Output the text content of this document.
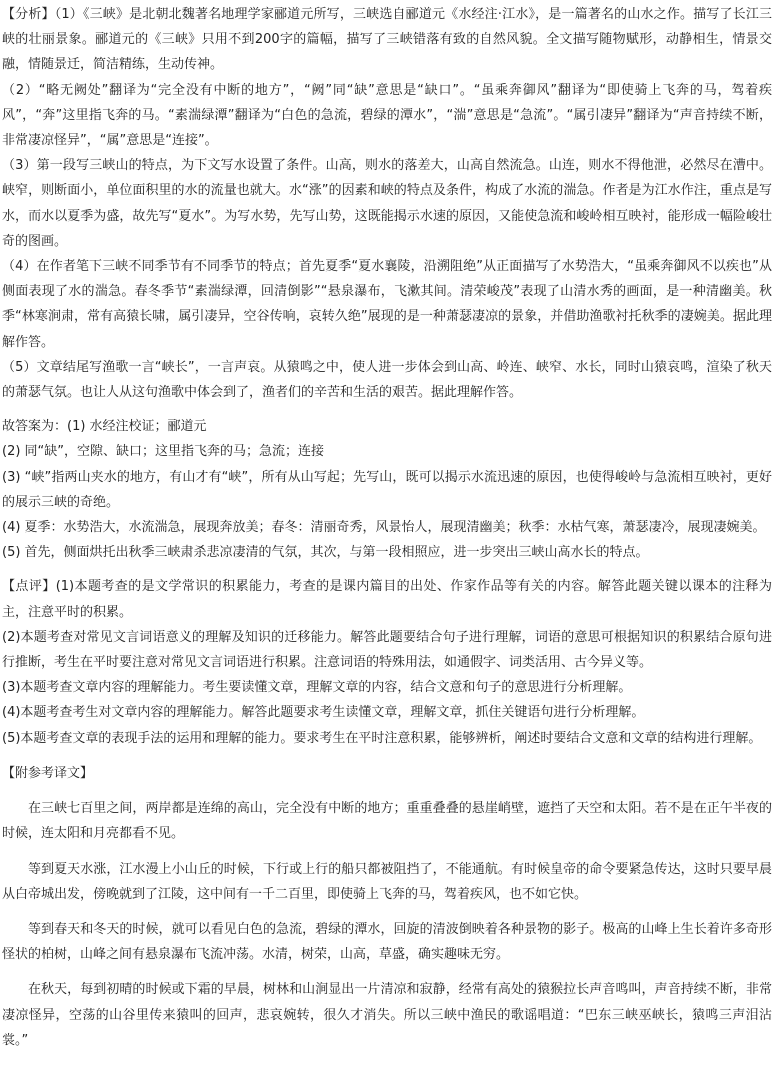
【分析】（1）《三峡》是北朝北魏著名地理学家郦道元所写，三峡选自郦道元《水经注·江水》，是一篇著名的山水之作。描写了长江三峡的壮丽景象。郦道元的《三峡》只用不到200字的篇幅，描写了三峡错落有致的自然风貌。全文描写随物赋形，动静相生，情景交融，情随景迁，简洁精练，生动传神。

（2）“略无阙处”翻译为“完全没有中断的地方”，“阙”同“缺”意思是“缺口”。“虽乘奔御风”翻译为“即使骑上飞奔的马，驾着疾风”，“奔”这里指飞奔的马。“素湍绿潭”翻译为“白色的急流，碧绿的潭水”，“湍”意思是“急流”。“属引凄异”翻译为“声音持续不断，非常凄凉怪异”，“属”意思是“连接”。

（3）第一段写三峡山的特点，为下文写水设置了条件。山高，则水的落差大，山高自然流急。山连，则水不得他泄，必然尽在漕中。峡窄，则断面小，单位面积里的水的流量也就大。水“涨”的因素和峡的特点及条件，构成了水流的湍急。作者是为江水作注，重点是写水，而水以夏季为盛，故先写“夏水”。为写水势，先写山势，这既能揭示水速的原因，又能使急流和峻岭相互映衬，能形成一幅险峻壮奇的图画。

（4）在作者笔下三峡不同季节有不同季节的特点；首先夏季“夏水襄陵，沿溯阻绝”从正面描写了水势浩大，“虽乘奔御风不以疾也”从侧面表现了水的湍急。春冬季节“素湍绿潭，回清倒影”“悬泉瀑布，飞漱其间。清荣峻茂”表现了山清水秀的画面，是一种清幽美。秋季“林寒涧肃，常有高猿长啸，属引凄异，空谷传响，哀转久绝”展现的是一种萧瑟凄凉的景象，并借助渔歌衬托秋季的凄婉美。据此理解作答。

（5）文章结尾写渔歌一言“峡长”，一言声哀。从猿鸣之中，使人进一步体会到山高、岭连、峡窄、水长，同时山猿哀鸣，渲染了秋天的萧瑟气氛。也让人从这句渔歌中体会到了，渔者们的辛苦和生活的艰苦。据此理解作答。

故答案为：(1) 水经注校证；郦道元

(2) 同“缺”，空隙、缺口；这里指飞奔的马；急流；连接

(3) “峡”指两山夹水的地方，有山才有“峡”，所有从山写起；先写山，既可以揭示水流迅速的原因，也使得峻岭与急流相互映衬，更好的展示三峡的奇绝。

(4) 夏季：水势浩大，水流湍急，展现奔放美；春冬：清丽奇秀，风景怡人，展现清幽美；秋季：水枯气寒，萧瑟凄冷，展现凄婉美。

(5) 首先，侧面烘托出秋季三峡肃杀悲凉凄清的气氛，其次，与第一段相照应，进一步突出三峡山高水长的特点。

【点评】(1)本题考查的是文学常识的积累能力，考查的是课内篇目的出处、作家作品等有关的内容。解答此题关键以课本的注释为主，注意平时的积累。

(2)本题考查对常见文言词语意义的理解及知识的迁移能力。解答此题要结合句子进行理解，词语的意思可根据知识的积累结合原句进行推断，考生在平时要注意对常见文言词语进行积累。注意词语的特殊用法，如通假字、词类活用、古今异义等。

(3)本题考查文章内容的理解能力。考生要读懂文章，理解文章的内容，结合文意和句子的意思进行分析理解。

(4)本题考查考生对文章内容的理解能力。解答此题要求考生读懂文章，理解文章，抓住关键语句进行分析理解。

(5)本题考查文章的表现手法的运用和理解的能力。要求考生在平时注意积累，能够辨析，阐述时要结合文意和文章的结构进行理解。

【附参考译文】

在三峡七百里之间，两岸都是连绵的高山，完全没有中断的地方；重重叠叠的悬崖峭壁，遮挡了天空和太阳。若不是在正午半夜的时候，连太阳和月亮都看不见。

等到夏天水涨，江水漫上小山丘的时候，下行或上行的船只都被阻挡了，不能通航。有时候皇帝的命令要紧急传达，这时只要早晨从白帝城出发，傍晚就到了江陵，这中间有一千二百里，即使骑上飞奔的马，驾着疾风，也不如它快。

等到春天和冬天的时候，就可以看见白色的急流，碧绿的潭水，回旋的清波倒映着各种景物的影子。极高的山峰上生长着许多奇形怪状的柏树，山峰之间有悬泉瀑布飞流冲荡。水清，树荣，山高，草盛，确实趣味无穷。

在秋天，每到初晴的时候或下霜的早晨，树林和山涧显出一片清凉和寂静，经常有高处的猿猴拉长声音鸣叫，声音持续不断，非常凄凉怪异，空荡的山谷里传来猿叫的回声，悲哀婉转，很久才消失。所以三峡中渔民的歌谣唱道：“巴东三峡巫峡长，猿鸣三声泪沾裳。”
